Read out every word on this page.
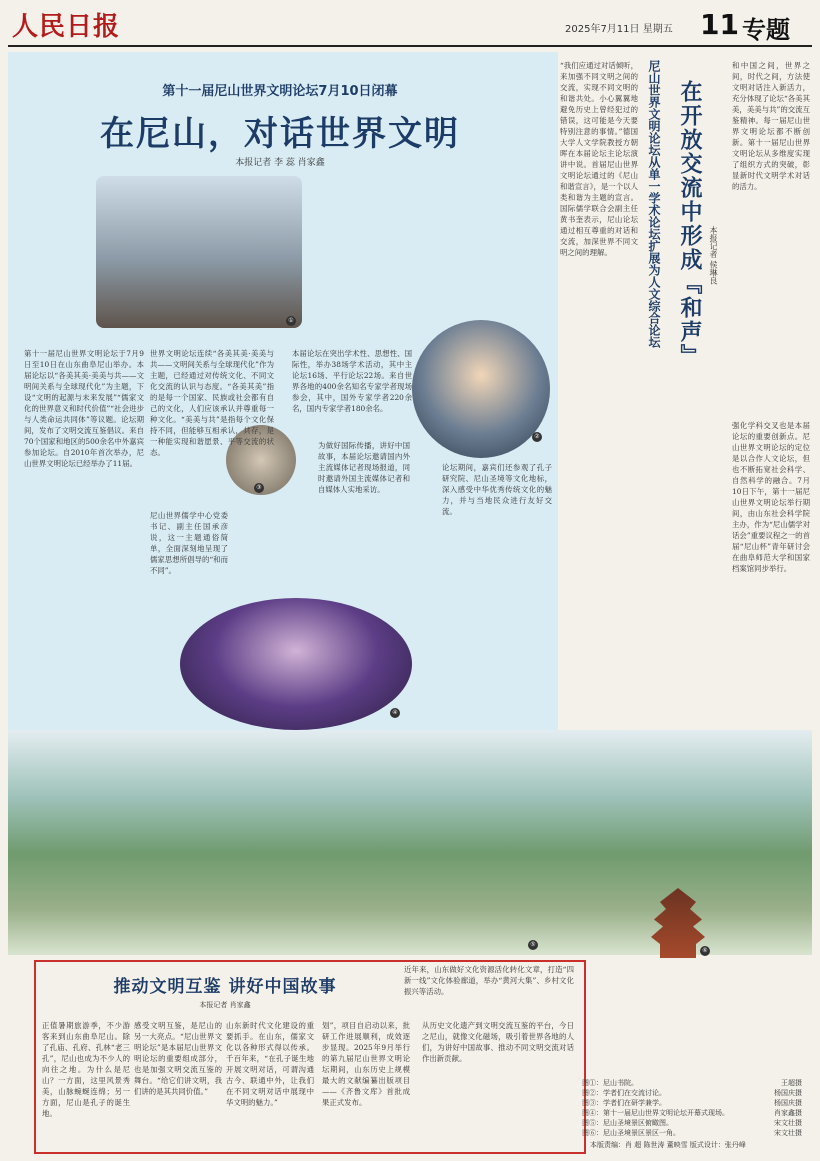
人民日报	2025年7月11日 星期五 11 专题
第十一届尼山世界文明论坛7月10日闭幕
在尼山，对话世界文明
本报记者 李 蕊 肖家鑫
①
②
③
④
第十一届尼山世界文明论坛于7月9日至10日在山东曲阜尼山举办。本届论坛以“各美其美·美美与共——文明间关系与全球现代化”为主题，下设“文明的起源与未来发展”“儒家文化的世界意义和时代价值”“社会进步与人类命运共同体”等议题。论坛期间，发布了文明交流互鉴倡议。来自70个国家和地区的500余名中外嘉宾参加论坛。自2010年首次举办，尼山世界文明论坛已经举办了11届。
世界文明论坛连续“各美其美·美美与共——文明间关系与全球现代化”作为主题，已经通过对传统文化、不同文化交流的认识与态度。“各美其美”指的是每一个国家、民族或社会都有自己的文化，人们应该承认并尊重每一种文化。“美美与共”是指每个文化保持不同，但能够互相承认，共存，是一种能实现和谐愿景、平等交流的状态。
尼山世界儒学中心党委书记、副主任国承彦说，这一主题通俗简单，全面深刻地呈现了儒家思想所倡导的“和而不同”。
本届论坛在突出学术性、思想性、国际性，举办38场学术活动，其中主论坛16场、平行论坛22场。来自世界各地的400余名知名专家学者现场参会，其中，国外专家学者220余名，国内专家学者180余名。
为做好国际传播，讲好中国故事，本届论坛邀请国内外主流媒体记者现场报道，同时邀请外国主流媒体记者和自媒体人实地采访。
论坛期间，嘉宾们还参观了孔子研究院、尼山圣境等文化地标，深入感受中华优秀传统文化的魅力，并与当地民众进行友好交流。
⑤
⑥
在开放交流中形成『和声』
尼山世界文明论坛从单一学术论坛扩展为人文综合论坛	本报记者 侯琳良
“我们应通过对话倾听，来加强不同文明之间的交流，实现不同文明的和谐共处。小心翼翼地避免历史上曾经犯过的错误，这可能是今天要特别注意的事情。”德国大学人文学院教授方朝晖在本届论坛主论坛演讲中说。首届尼山世界文明论坛通过的《尼山和谐宣言》，是一个以人类和谐为主题的宣言。国际儒学联合会副主任黄书奎表示，尼山论坛通过相互尊重的对话和交流，加深世界不同文明之间的理解。
和中国之间，世界之间，时代之间，方法使文明对话注入新活力，充分体现了论坛“各美其美，美美与共”的交流互鉴精神。每一届尼山世界文明论坛都不断创新。第十一届尼山世界文明论坛从多维度实现了组织方式的突破，彰显新时代文明学术对话的活力。
强化学科交叉也是本届论坛的重要创新点。尼山世界文明论坛的定位是以合作人文论坛，但也不断拓宽社会科学、自然科学的融合。7月10日下午，第十一届尼山世界文明论坛举行期间，由山东社会科学院主办，作为“尼山儒学对话会”重要议程之一的首届“尼山杯”青年研讨会在曲阜师范大学和国家档案馆同步举行。
推动文明互鉴 讲好中国故事
本报记者 肖家鑫
正值暑期旅游季，不少游客来到山东曲阜尼山。除了孔庙、孔府、孔林“老三孔”，尼山也成为不少人的向往之地。为什么是尼山？一方面，这里风景秀美，山脉蜿蜒连绵；另一方面，尼山是孔子的诞生地。
感受文明互鉴，是尼山的另一大亮点。“尼山世界文明论坛”是本届尼山世界文明论坛的重要组成部分，也是加强文明交流互鉴的舞台。“给它们讲文明，我们讲的是其共同价值。”
山东新时代文化建设的重要抓手。在山东，儒家文化以各种形式得以传承。千百年来，“在孔子诞生地开展文明对话，可谓沟通古今、联通中外，让我们在不同文明对话中展现中华文明的魅力。”
划”，项目自启动以来，批研工作进展顺利，成效逐步显现。2025年9月举行的第九届尼山世界文明论坛期间，山东历史上规模最大的文献编纂出版项目——《齐鲁文库》首批成果正式发布。
近年来，山东做好文化资源活化转化文章，打造“四新一线”文化体验廊道，举办“黄河大集”、乡村文化振兴等活动。
从历史文化遗产到文明交流互鉴的平台，今日之尼山，就像文化磁场，吸引着世界各地的人们，为讲好中国故事、推动不同文明交流对话作出新贡献。
图①：尼山书院。	王超摄
图②：学者们在交流讨论。	杨国庆摄
图③：学者们在研学兼学。	杨国庆摄
图④：第十一届尼山世界文明论坛开幕式现场。	肖家鑫摄
图⑤：尼山圣境景区俯瞰图。	宋文壮摄
图⑥：尼山圣境景区景区一角。	宋文壮摄
本版责编：肖 超 陈世涛 董映雪 版式设计：张丹峰
